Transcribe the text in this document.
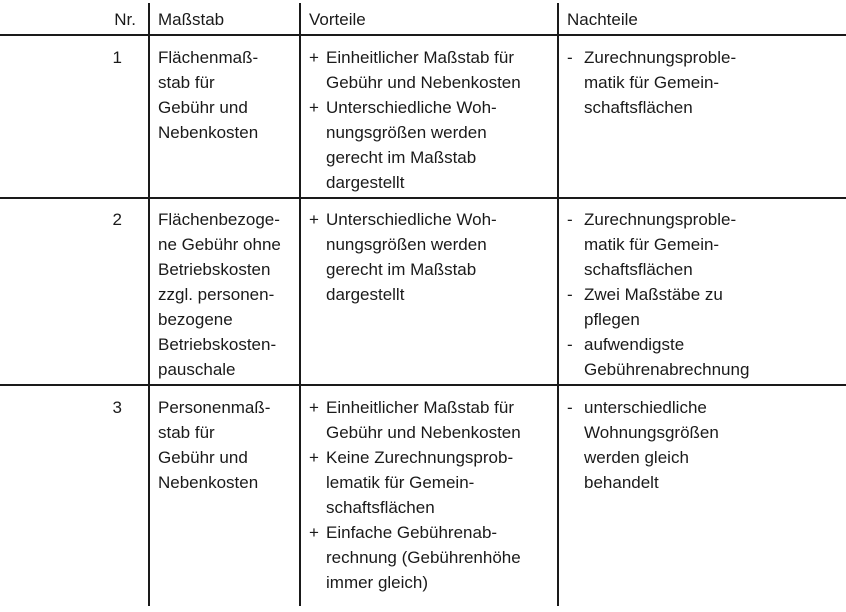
Nr. Maßstab	Vorteile	Nachteile
1 Flächenmaß-
stab für
Gebühr und
Nebenkosten
+ Einheitlicher Maßstab für
Gebühr und Nebenkosten
+ Unterschiedliche Woh-
nungsgrößen werden
gerecht im Maßstab
dargestellt
- Zurechnungsproble-
matik für Gemein-
schaftsflächen
2 Flächenbezoge-
ne Gebühr ohne
Betriebskosten
zzgl. personen-
bezogene
Betriebskosten-
pauschale
+ Unterschiedliche Woh-
nungsgrößen werden
gerecht im Maßstab
dargestellt
- Zurechnungsproble-
matik für Gemein-
schaftsflächen
- Zwei Maßstäbe zu
pflegen
- aufwendigste
Gebührenabrechnung
3 Personenmaß-
stab für
Gebühr und
Nebenkosten
+ Einheitlicher Maßstab für
Gebühr und Nebenkosten
+ Keine Zurechnungsprob-
lematik für Gemein-
schaftsflächen
+ Einfache Gebührenab-
rechnung (Gebührenhöhe
immer gleich)
- unterschiedliche
Wohnungsgrößen
werden gleich
behandelt
